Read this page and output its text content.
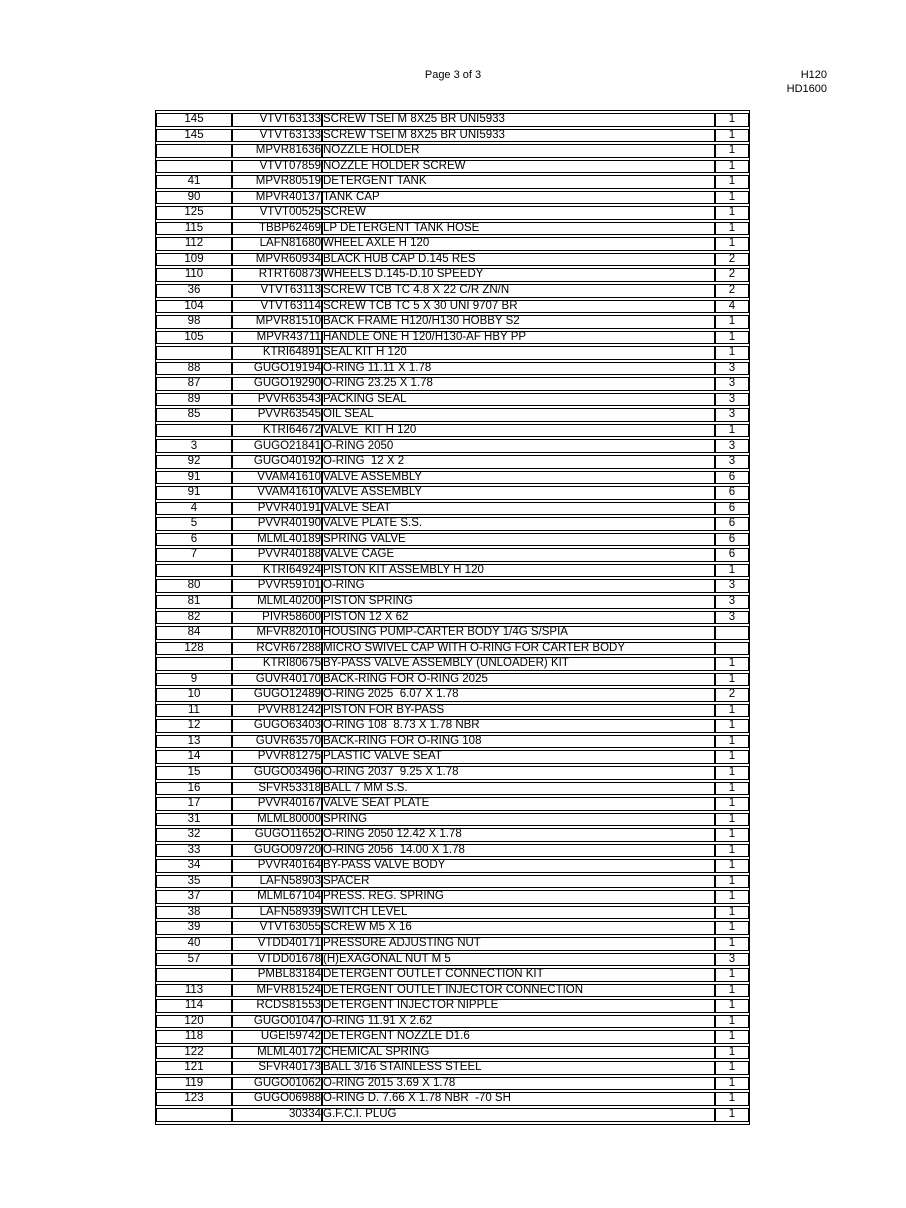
Page 3 of 3	H120
HD1600
145	VTVT63133	SCREW TSEI M 8X25 BR UNI5933	1
145	VTVT63133	SCREW TSEI M 8X25 BR UNI5933	1
	MPVR81636	NOZZLE HOLDER	1
	VTVT07859	NOZZLE HOLDER SCREW	1
41	MPVR80519	DETERGENT TANK	1
90	MPVR40137	TANK CAP	1
125	VTVT00525	SCREW	1
115	TBBP62469	LP DETERGENT TANK HOSE	1
112	LAFN81680	WHEEL AXLE H 120	1
109	MPVR60934	BLACK HUB CAP D.145 RES	2
110	RTRT60873	WHEELS D.145-D.10 SPEEDY	2
36	VTVT63113	SCREW TCB TC 4.8 X 22 C/R ZN/N	2
104	VTVT63114	SCREW TCB TC 5 X 30 UNI 9707 BR	4
98	MPVR81510	BACK FRAME H120/H130 HOBBY S2	1
105	MPVR43711	HANDLE ONE H 120/H130-AF HBY PP	1
	KTRI64891	SEAL KIT H 120	1
88	GUGO19194	O-RING 11.11 X 1.78	3
87	GUGO19290	O-RING 23.25 X 1.78	3
89	PVVR63543	PACKING SEAL	3
85	PVVR63545	OIL SEAL	3
	KTRI64672	VALVE  KIT H 120	1
3	GUGO21841	O-RING 2050	3
92	GUGO40192	O-RING  12 X 2	3
91	VVAM41610	VALVE ASSEMBLY	6
91	VVAM41610	VALVE ASSEMBLY	6
4	PVVR40191	VALVE SEAT	6
5	PVVR40190	VALVE PLATE S.S.	6
6	MLML40189	SPRING VALVE	6
7	PVVR40188	VALVE CAGE	6
	KTRI64924	PISTON KIT ASSEMBLY H 120	1
80	PVVR59101	O-RING	3
81	MLML40200	PISTON SPRING	3
82	PIVR58600	PISTON 12 X 62	3
84	MFVR82010	HOUSING PUMP-CARTER BODY 1/4G S/SPIA	
128	RCVR67288	MICRO SWIVEL CAP WITH O-RING FOR CARTER BODY	
	KTRI80675	BY-PASS VALVE ASSEMBLY (UNLOADER) KIT	1
9	GUVR40170	BACK-RING FOR O-RING 2025	1
10	GUGO12489	O-RING 2025  6.07 X 1.78	2
11	PVVR81242	PISTON FOR BY-PASS	1
12	GUGO63403	O-RING 108  8.73 X 1.78 NBR	1
13	GUVR63570	BACK-RING FOR O-RING 108	1
14	PVVR81275	PLASTIC VALVE SEAT	1
15	GUGO03496	O-RING 2037  9.25 X 1.78	1
16	SFVR53318	BALL 7 MM S.S.	1
17	PVVR40167	VALVE SEAT PLATE	1
31	MLML80000	SPRING	1
32	GUGO11652	O-RING 2050 12.42 X 1.78	1
33	GUGO09720	O-RING 2056  14.00 X 1.78	1
34	PVVR40164	BY-PASS VALVE BODY	1
35	LAFN58903	SPACER	1
37	MLML67104	PRESS. REG. SPRING	1
38	LAFN58939	SWITCH LEVEL	1
39	VTVT63055	SCREW M5 X 16	1
40	VTDD40171	PRESSURE ADJUSTING NUT	1
57	VTDD01678	(H)EXAGONAL NUT M 5	3
	PMBL83184	DETERGENT OUTLET CONNECTION KIT	1
113	MFVR81524	DETERGENT OUTLET INJECTOR CONNECTION	1
114	RCDS81553	DETERGENT INJECTOR NIPPLE	1
120	GUGO01047	O-RING 11.91 X 2.62	1
118	UGEI59742	DETERGENT NOZZLE D1.6	1
122	MLML40172	CHEMICAL SPRING	1
121	SFVR40173	BALL 3/16 STAINLESS STEEL	1
119	GUGO01062	O-RING 2015 3.69 X 1.78	1
123	GUGO06988	O-RING D. 7.66 X 1.78 NBR  -70 SH	1
	30334	G.F.C.I. PLUG	1
